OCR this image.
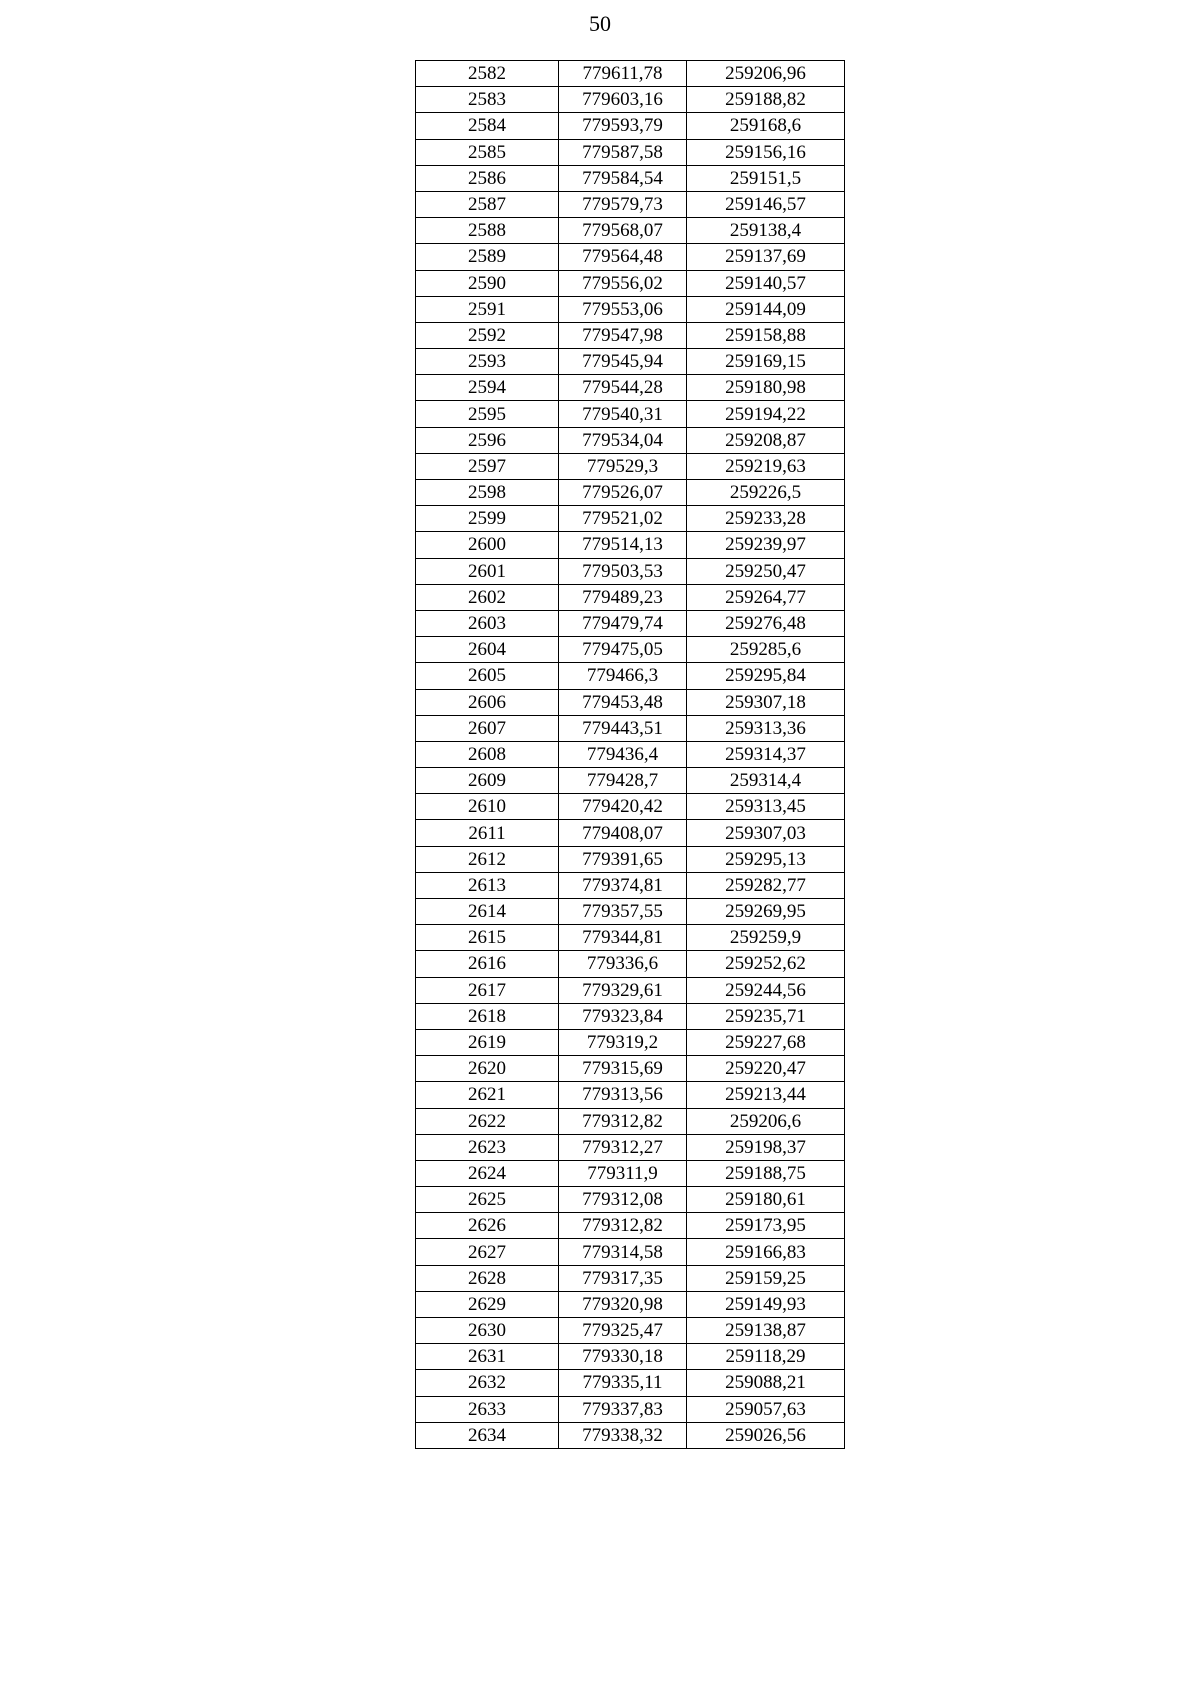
50
2582	779611,78	259206,96
2583	779603,16	259188,82
2584	779593,79	259168,6
2585	779587,58	259156,16
2586	779584,54	259151,5
2587	779579,73	259146,57
2588	779568,07	259138,4
2589	779564,48	259137,69
2590	779556,02	259140,57
2591	779553,06	259144,09
2592	779547,98	259158,88
2593	779545,94	259169,15
2594	779544,28	259180,98
2595	779540,31	259194,22
2596	779534,04	259208,87
2597	779529,3	259219,63
2598	779526,07	259226,5
2599	779521,02	259233,28
2600	779514,13	259239,97
2601	779503,53	259250,47
2602	779489,23	259264,77
2603	779479,74	259276,48
2604	779475,05	259285,6
2605	779466,3	259295,84
2606	779453,48	259307,18
2607	779443,51	259313,36
2608	779436,4	259314,37
2609	779428,7	259314,4
2610	779420,42	259313,45
2611	779408,07	259307,03
2612	779391,65	259295,13
2613	779374,81	259282,77
2614	779357,55	259269,95
2615	779344,81	259259,9
2616	779336,6	259252,62
2617	779329,61	259244,56
2618	779323,84	259235,71
2619	779319,2	259227,68
2620	779315,69	259220,47
2621	779313,56	259213,44
2622	779312,82	259206,6
2623	779312,27	259198,37
2624	779311,9	259188,75
2625	779312,08	259180,61
2626	779312,82	259173,95
2627	779314,58	259166,83
2628	779317,35	259159,25
2629	779320,98	259149,93
2630	779325,47	259138,87
2631	779330,18	259118,29
2632	779335,11	259088,21
2633	779337,83	259057,63
2634	779338,32	259026,56
